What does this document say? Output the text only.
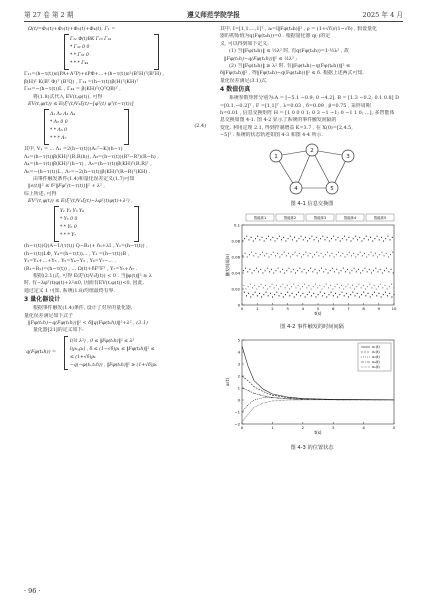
第 27 卷 第 2 期	遵义师范学院学报	2025 年 4 月
Ω(t)=Φ₁(t)+Φ₂(t)+Φ₃(t)+Φ₄(t), Γ₁ =
Γ₁₁ Φ(t)BK Γ₁₃ Γ₁₄
* Γ₂₂ 0 0
* * Γ₃₃ 0
* * * Γ₄₄
Γ₁₁=(h−τ(t))ε(PA+AᵀP)+εPΦ+...+(h−τ(t))ε²(B̄ᵀH)ᵀ(B̄ᵀH) ,
β̄(H)ᵀ K(Bᵀ Φ)ᵀ (BᵀQ) , Γ₁₄ =(h−τ(t))β̄(H)ᵀ(KH)ᵀ
Γ₃₃=−(h−τ(t))L , Γ₄₄ = β̄(KH)ᵀ(QᵀQB)ᵀ ,
将(1.8)式代入 EV(t,φ(t)), 可得
EV(t,φ(t)) ≤ E(ξᵀ(t)V₁ξ(t)−[φᵀ(t) φᵀ(t−τ(t))]
Λ₁ Λ₂ Λ₃ Λ₄
* Λ₅ 0 0
* * Λ₆ 0
* * * Λ₇
(2.4)
其中, V₁ = ... Λ₁ =2(h−τ(t))(A₁ᵀ−K)(h−τ)
Λ₂=(h−τ(t))β̄(KH)ᵀ(R,R(h)), Λ₃=(h−τ(t))(Rᵀ−Rᵀ)(R−h) ,
Λ₄=(h−τ(t))β̄(KH)ᵀ(h−τ) , Λ₅=(h−τ(t))β̄(KH)ᵀ(R,R)ᵀ ,
Λ₆=−(h−τ(t))L , Λ₇=−2(h−τ(t))β̄(KH)ᵀ(R−R)ᵀ(KH) .
由事件触发条件(1.4)和量化误差定义(1.7)可知
‖e(t)‖² ≤ δ²‖Fφᵀ(t−τ(t))‖² + λ² ,
综上所述, 可得
EVᵀ(t,φ(t)) ≤ E(ξᵀ(t)V₁ξ(t)−λφᵀ(t)φ(t)+λ²) ,
Υ₁ Υ₂ Υ₃ Υ₄
* Υ₅ 0 0
* * Υ₆ 0
* * * Υ₇
(h−τ(t))Q(A−1/(τ(t)) Q−R₁)+ δ₁+λI , Υ₁=(h−τ(t)) ,
(h−τ(t))LΦ, Υ₄=(h−τ(t))... , Υ₁ =(h−τ(t))B ,
Υ₂=Υ₁+...+Υ₃ , Υ₅=Υ₄−Υ₃ , Υ₆=Υ₇−... ,
(R₁−R₂)=(h−τ(t)) , ... Ω(t)+δFᵀFᵀ , Υ₇=Υ₅+Λ₇ .
根据(2.1)式, 可得 E(ξᵀ(t)V₁ξ(t)) < 0 . 当‖φ(t)‖² ≥ λ
时, 有−λφᵀ(t)φ(t)+λ²≤0, 因而有EV(t,φ(t))<0, 因此,
通过定义 1 可知, 系统(1.8)均值最终有界.
3 量化器设计
根据事件触发(1.4)条件, 设计了对应的量化器,
量化误差满足如下式子
‖Fφ(tₖh)−q(Fφ(tₖh))‖² < δ‖q(Fφ(tₖh))‖²+λ² , (3.1)
量化器[21]的定义如下:
q(Fφ(tₖh)) =
l(½ λ²) , 0 ≤ ‖Fφ(tₖh)‖² ≤ λ²
l(ρₖ,ρₖ) , δ ≤ (1−√δ)ρₖ ≤ ‖Fφ(tₖh)‖² ≤
≤ (1+√δ)ρₖ
−q(−φ(tₖ,tₖh)) , ‖Fφ(tₖh)‖² ≥ (1+√δ)ρₖ
其中, I=[1,1,...,1]ᵀ , aᵢ=l‖Fφ(tₖh)‖² , ρ = (1+√δ)/(1−√δ) , 假设量化
器的初始值为q(Fφ(t₀h))=0 . 根据量化器 q(·)的定
义, 可以得到如下定义:
(1) 当‖Fφ(tₖh)‖ ≤ ½λ² 时, 有q(Fφ(tₖh))=1·½λ² , 故
‖Fφ(tₖh)−q(Fφ(tₖh))‖² ≤ ½λ² ;
(2) 当‖Fφ(tₖh)‖ ≥ λ² 时, 有‖Fφ(tₖh)−q(Fφ(tₖh))‖² ≤
δ‖Fφ(tₖh)‖² , 得‖Fφ(tₖh)−q(Fφ(tₖh))‖² ≤ δ. 根据上述两式可知,
量化误差满足(3.1)式.
4 数值仿真
系统参数矩阵分别为:A = [−5.1 −0.9; 0 −4.2], B = [1.3 −0.2; 0.1 0.8] D
=[0.1,−0.2]ᵀ , F =[1,1]ᵀ , λ=0.03 , δ=0.09 , β=0.75 , 采样周期
h=0.01 , 信息交换矩阵 H = [1 0 0 0 1; 0 3 −1 −1; 0 −1 1 0; ...], 多智能体
息交换如图 4-1. 图 4-2 显示了系统的事件触发间隔的
变化. 利用定理 2.1, 得到控制增益 K=3.7 , 在 X(0)=[2,4.5,
−5]ᵀ . 系统的状态轨迹如图 4-3 和图 4-4 所示.
1
2
3
4	5
图 4-1 信息交换图
0	1	2	3	4	5	6	7	8	9	10
0
0.02
0.04
0.06
0.08
0.1
t(s)
触发间隔(s)
智能体1	智能体2	智能体3	智能体4	智能体5
图 4-2 事件触发的时间间隔
0	1	2	3	4	5
−2
−1
0
1
2
3
4
5
t(s)
xᵢ(t)
x₁(t)
x₂(t)
x₃(t)
x₄(t)
x₅(t)
图 4-3 的位置状态
· 96 ·
